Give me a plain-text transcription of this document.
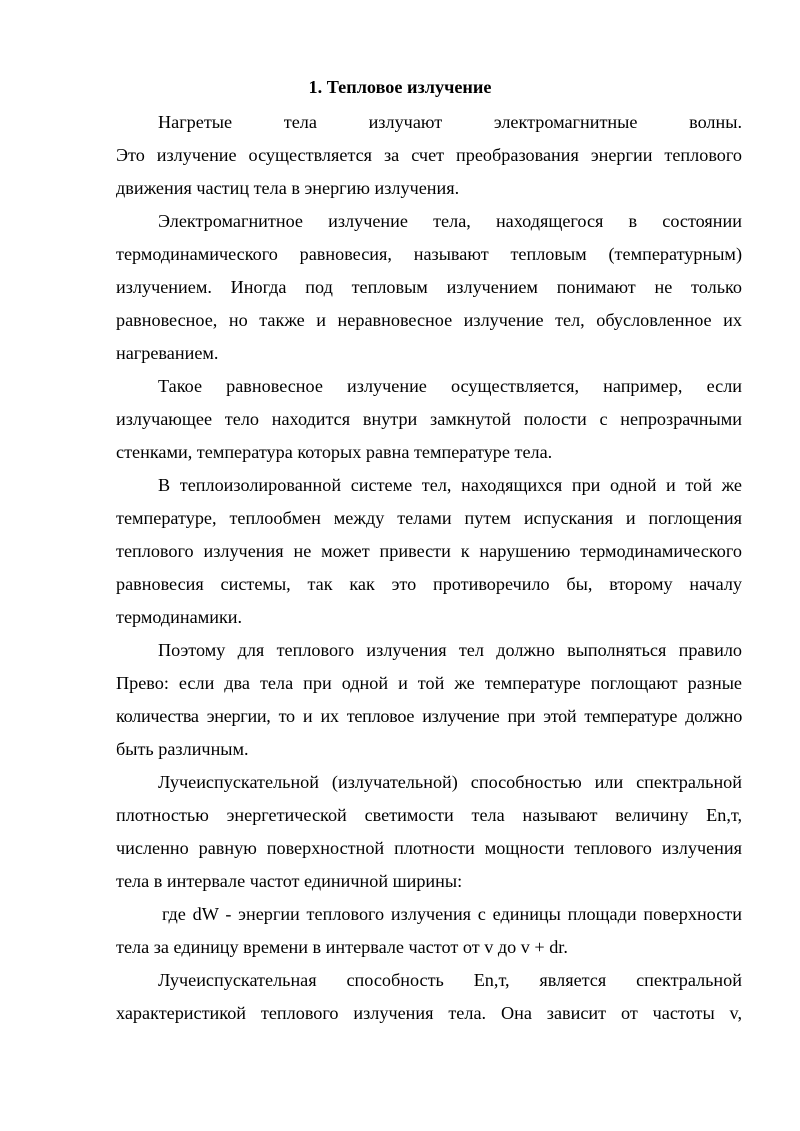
1. Тепловое излучение
Нагретые тела излучают электромагнитные волны.
Это излучение осуществляется за счет преобразования энергии теплового
движения частиц тела в энергию излучения.
Электромагнитное излучение тела, находящегося в состоянии
термодинамического равновесия, называют тепловым (температурным)
излучением. Иногда под тепловым излучением понимают не только
равновесное, но также и неравновесное излучение тел, обусловленное их
нагреванием.
Такое равновесное излучение осуществляется, например, если
излучающее тело находится внутри замкнутой полости с непрозрачными
стенками, температура которых равна температуре тела.
В теплоизолированной системе тел, находящихся при одной и той же
температуре, теплообмен между телами путем испускания и поглощения
теплового излучения не может привести к нарушению термодинамического
равновесия системы, так как это противоречило бы, второму началу
термодинамики.
Поэтому для теплового излучения тел должно выполняться правило
Прево: если два тела при одной и той же температуре поглощают разные
количества энергии, то и их тепловое излучение при этой температуре должно
быть различным.
Лучеиспускательной (излучательной) способностью или спектральной
плотностью энергетической светимости тела называют величину Еn,т,
численно равную поверхностной плотности мощности теплового излучения
тела в интервале частот единичной ширины:
где dW - энергии теплового излучения с единицы площади поверхности
тела за единицу времени в интервале частот от v до v + dr.
Лучеиспускательная способность Еn,т, является спектральной
характеристикой теплового излучения тела. Она зависит от частоты v,
